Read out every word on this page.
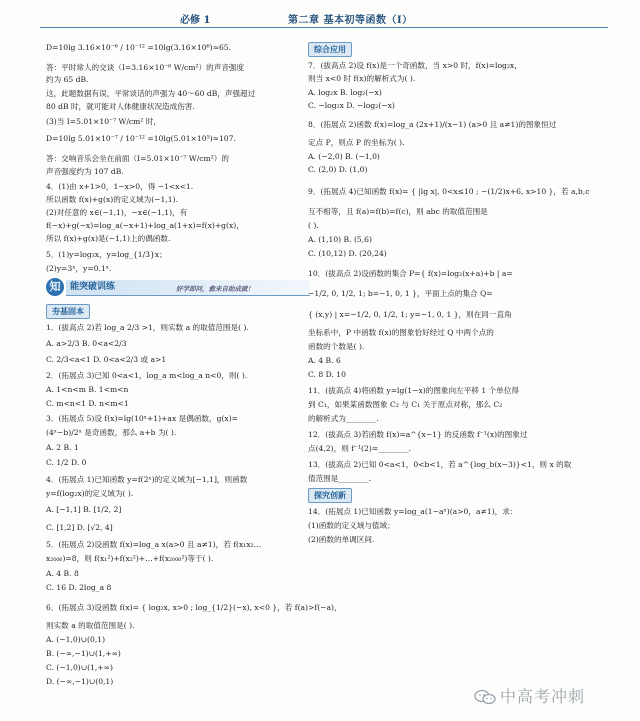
必修 1	第二章 基本初等函数（Ⅰ）
D=10lg 3.16×10⁻⁶ / 10⁻¹² =10lg(3.16×10⁶)≈65.
答：平时常人的交谈（I=3.16×10⁻⁶ W/cm²）的声音强度
约为 65 dB.
这，此题数据有误，平常谈话的声强为 40～60 dB，声强超过
80 dB 时，就可能对人体健康状况造成伤害.
(3)当 I=5.01×10⁻⁷ W/cm² 时，
D=10lg 5.01×10⁻⁷ / 10⁻¹² =10lg(5.01×10⁵)≈107.
答：交响音乐会坐在前面（I=5.01×10⁻⁷ W/cm²）的
声音强度约为 107 dB.
4．(1)由 x+1>0，1−x>0，得 −1<x<1.
所以函数 f(x)+g(x)的定义域为(−1,1).
(2)对任意的 x∈(−1,1)，−x∈(−1,1)，有
f(−x)+g(−x)=log_a(−x+1)+log_a(1+x)=f(x)+g(x)，
所以 f(x)+g(x)是(−1,1)上的偶函数.
5．(1)y=log₃x，y=log_{1/3}x；
(2)y=3ˣ，y=0.1ˣ.
知	能突破训练	好学即问，愈来自助成就！
夯基固本
1．(拔高点 2)若 log_a 2/3 >1，则实数 a 的取值范围是( ).
A. a>2/3 B. 0<a<2/3
C. 2/3<a<1 D. 0<a<2/3 或 a>1
2．(拓展点 3)已知 0<a<1，log_a m<log_a n<0，则( ).
A. 1<n<m B. 1<m<n
C. m<n<1 D. n<m<1
3．(拓展点 5)设 f(x)=lg(10ˣ+1)+ax 是偶函数，g(x)=
(4ˣ−b)/2ˣ 是奇函数，那么 a+b 为( ).
A. 2 B. 1
C. 1/2 D. 0
4．(拓展点 1)已知函数 y=f(2ˣ)的定义域为[−1,1]，则函数
y=f(log₂x)的定义域为( ).
A. [−1,1] B. [1/2, 2]
C. [1,2] D. [√2, 4]
5．(拓展点 2)设函数 f(x)=log_a x(a>0 且 a≠1)，若 f(x₁x₂…
x₂₀₀₆)=8，则 f(x₁²)+f(x₂²)+…+f(x₂₀₀₆²)等于( ).
A. 4 B. 8
C. 16 D. 2log_a 8
6．(拓展点 3)设函数 f(x)= { log₂x, x>0 ; log_{1/2}(−x), x<0 }，若 f(a)>f(−a)，
则实数 a 的取值范围是( ).
A. (−1,0)∪(0,1)
B. (−∞,−1)∪(1,+∞)
C. (−1,0)∪(1,+∞)
D. (−∞,−1)∪(0,1)
综合应用
7．(拔高点 2)设 f(x)是一个奇函数，当 x>0 时，f(x)=log₂x，
则当 x<0 时 f(x)的解析式为( ).
A. log₂x B. log₂(−x)
C. −log₂x D. −log₂(−x)
8．(拓展点 2)函数 f(x)=log_a (2x+1)/(x−1) (a>0 且 a≠1)的图象恒过
定点 P，则点 P 的坐标为( ).
A. (−2,0) B. (−1,0)
C. (2,0) D. (1,0)
9．(拓展点 4)已知函数 f(x)= { |lg x|, 0<x≤10 ; −(1/2)x+6, x>10 }，若 a,b,c
互不相等，且 f(a)=f(b)=f(c)，则 abc 的取值范围是
( ).
A. (1,10) B. (5,6)
C. (10,12) D. (20,24)
10．(拔高点 2)设函数的集合 P={ f(x)=log₂(x+a)+b | a=
−1/2, 0, 1/2, 1; b=−1, 0, 1 }，平面上点的集合 Q=
{ (x,y) | x=−1/2, 0, 1/2, 1; y=−1, 0, 1 }，则在同一直角
坐标系中，P 中函数 f(x)的图象恰好经过 Q 中两个点的
函数的个数是( ).
A. 4 B. 6
C. 8 D. 10
11．(拔高点 4)将函数 y=lg(1−x)的图象向左平移 1 个单位得
到 C₁，如果某函数图象 C₂ 与 C₁ 关于原点对称，那么 C₂
的解析式为________.
12．(拔高点 3)若函数 f(x)=a^{x−1} 的反函数 f⁻¹(x)的图象过
点(4,2)，则 f⁻¹(2)=________.
13．(拔高点 2)已知 0<a<1，0<b<1，若 a^{log_b(x−3)}<1，则 x 的取
值范围是________.
探究创新
14．(拓展点 1)已知函数 y=log_a(1−aˣ)(a>0，a≠1)，求：
(1)函数的定义域与值域；
(2)函数的单调区间.
中高考冲刺
